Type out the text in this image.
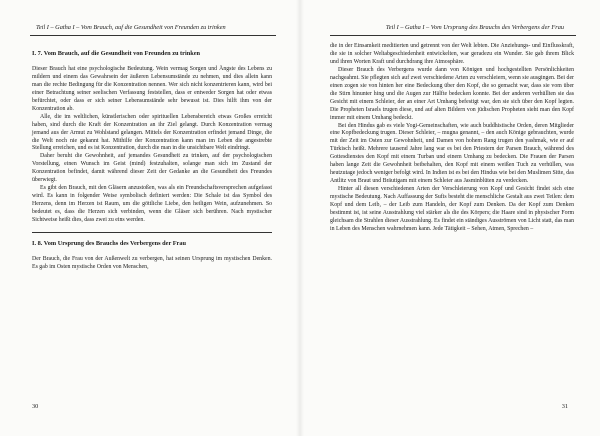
Teil I – Gatha I – Vom Brauch, auf die Gesundheit von Freunden zu trinken
I. 7. Vom Brauch, auf die Gesundheit von Freunden zu trinken

Dieser Brauch hat eine psychologische Bedeutung. Wein vermag Sorgen und Ängste des Lebens zu mildern und einem das Gewahrsein der äußeren Lebensumstände zu nehmen, und dies allein kann man die rechte Bedingung für die Konzentration nennen. Wer sich nicht konzentrieren kann, wird bei einer Betrachtung seiner seelischen Verfassung feststellen, dass er entweder Sorgen hat oder etwas befürchtet, oder dass er sich seiner Lebensumstände sehr bewusst ist. Dies hilft ihm von der Konzentration ab.

Alle, die im weltlichen, künstlerischen oder spirituellen Lebensbereich etwas Großes erreicht haben, sind durch die Kraft der Konzentration an ihr Ziel gelangt. Durch Konzentration vermag jemand aus der Armut zu Wohlstand gelangen. Mittels der Konzentration erfindet jemand Dinge, die die Welt noch nie gekannt hat. Mithilfe der Konzentration kann man im Leben die angestrebte Stellung erreichen, und es ist Konzentration, durch die man in die unsichtbare Welt eindringt.

Daher beruht die Gewohnheit, auf jemandes Gesundheit zu trinken, auf der psychologischen Vorstellung, einen Wunsch im Geist (mind) festzuhalten, solange man sich im Zustand der Konzentration befindet, damit während dieser Zeit der Gedanke an die Gesundheit des Freundes überwiegt.

Es gibt den Brauch, mit den Gläsern anzustoßen, was als ein Freundschaftsversprechen aufgefasst wird. Es kann in folgender Weise symbolisch definiert werden: Die Schale ist das Symbol des Herzens, denn im Herzen ist Raum, um die göttliche Liebe, den heiligen Wein, aufzunehmen. So bedeutet es, dass die Herzen sich verbinden, wenn die Gläser sich berühren. Nach mystischer Sichtweise heißt dies, dass zwei zu eins werden.

I. 8. Vom Ursprung des Brauchs des Verbergens der Frau

Der Brauch, die Frau von der Außenwelt zu verbergen, hat seinen Ursprung im mystischen Denken. Es gab im Osten mystische Orden von Menschen,

30
Teil I – Gatha I – Vom Ursprung des Brauchs des Verbergens der Frau

die in der Einsamkeit meditierten und getrennt von der Welt lebten. Die Anziehungs- und Einflusskraft, die sie in solcher Weltabgeschiedenheit entwickelten, war geradezu ein Wunder. Sie gab ihrem Blick und ihren Worten Kraft und durchdrang ihre Atmosphäre.

Dieser Brauch des Verbergens wurde dann von Königen und hochgestellten Persönlichkeiten nachgeahmt. Sie pflegten sich auf zwei verschiedene Arten zu verschleiern, wenn sie ausgingen. Bei der einen zogen sie von hinten her eine Bedeckung über den Kopf, die so gemacht war, dass sie vom über die Stirn hinunter hing und die Augen zur Hälfte bedecken konnte. Bei der anderen verhüllten sie das Gesicht mit einem Schleier, der an einer Art Umhang befestigt war, den sie sich über den Kopf legten. Die Propheten Israels trugen diese, und auf alten Bildern von jüdischen Propheten sieht man den Kopf immer mit einem Umhang bedeckt.

Bei den Hindus gab es viele Yogi-Gemeinschaften, wie auch buddhistische Orden, deren Mitglieder eine Kopfbedeckung trugen. Dieser Schleier, – mugna genannt, – den auch Könige gebrauchten, wurde mit der Zeit im Osten zur Gewohnheit, und Damen von hohem Rang trugen den yashmak, wie er auf Türkisch heißt. Mehrere tausend Jahre lang war es bei den Priestern der Parsen Brauch, während des Gottesdienstes den Kopf mit einem Turban und einem Umhang zu bedecken. Die Frauen der Parsen haben lange Zeit die Gewohnheit beibehalten, den Kopf mit einem weißen Tuch zu verhüllen, was heutzutage jedoch weniger befolgt wird. In Indien ist es bei den Hindus wie bei den Muslimen Sitte, das Antlitz von Braut und Bräutigam mit einem Schleier aus Jasminblüten zu verdecken.

Hinter all diesen verschiedenen Arten der Verschleierung von Kopf und Gesicht findet sich eine mystische Bedeutung. Nach Auffassung der Sufis besteht die menschliche Gestalt aus zwei Teilen: dem Kopf und dem Leib, – der Leib zum Handeln, der Kopf zum Denken. Da der Kopf zum Denken bestimmt ist, ist seine Ausstrahlung viel stärker als die des Körpers; die Haare sind in physischer Form gleichsam die Strahlen dieser Ausstrahlung. Es findet ein ständiges Ausströmen von Licht statt, das man in Leben des Menschen wahrnehmen kann. Jede Tätigkeit – Sehen, Atmen, Sprechen –

31
